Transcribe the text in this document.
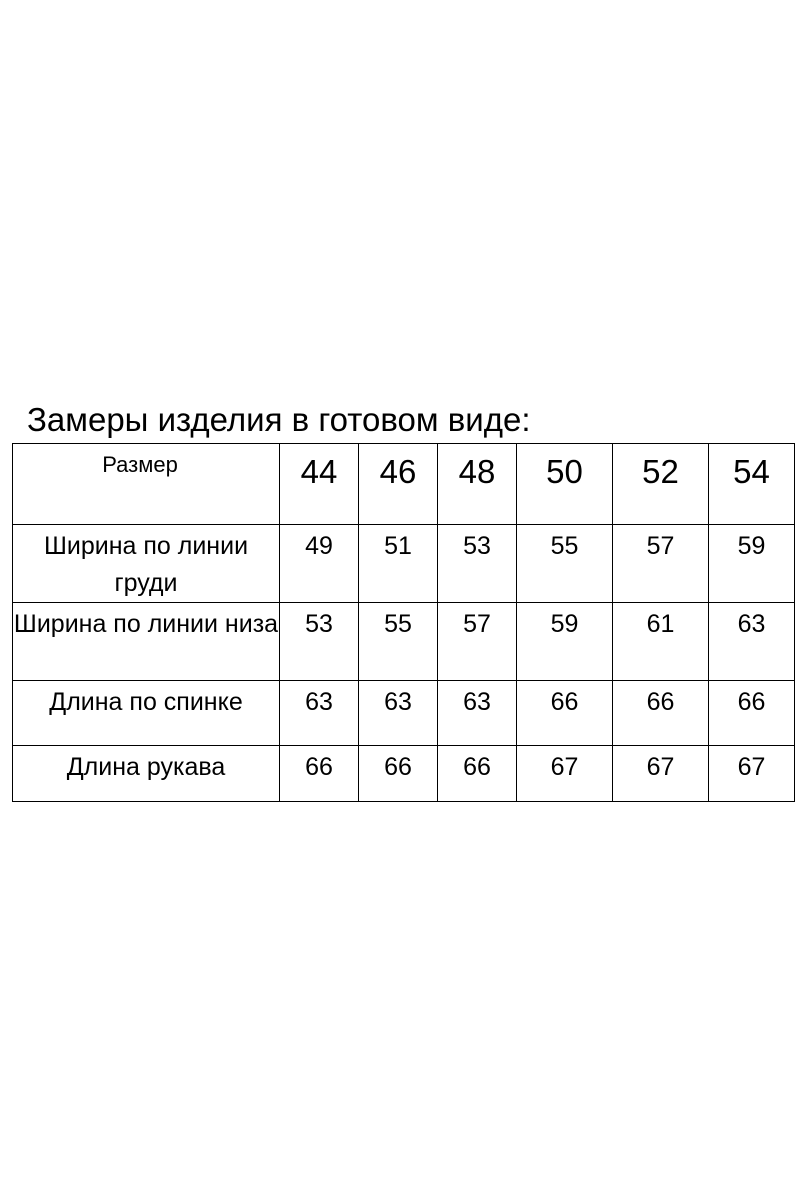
Замеры изделия в готовом виде:
Размер	44	46	48	50	52	54
Ширина по линии груди	49	51	53	55	57	59
Ширина по линии низа	53	55	57	59	61	63
Длина по спинке	63	63	63	66	66	66
Длина рукава	66	66	66	67	67	67
